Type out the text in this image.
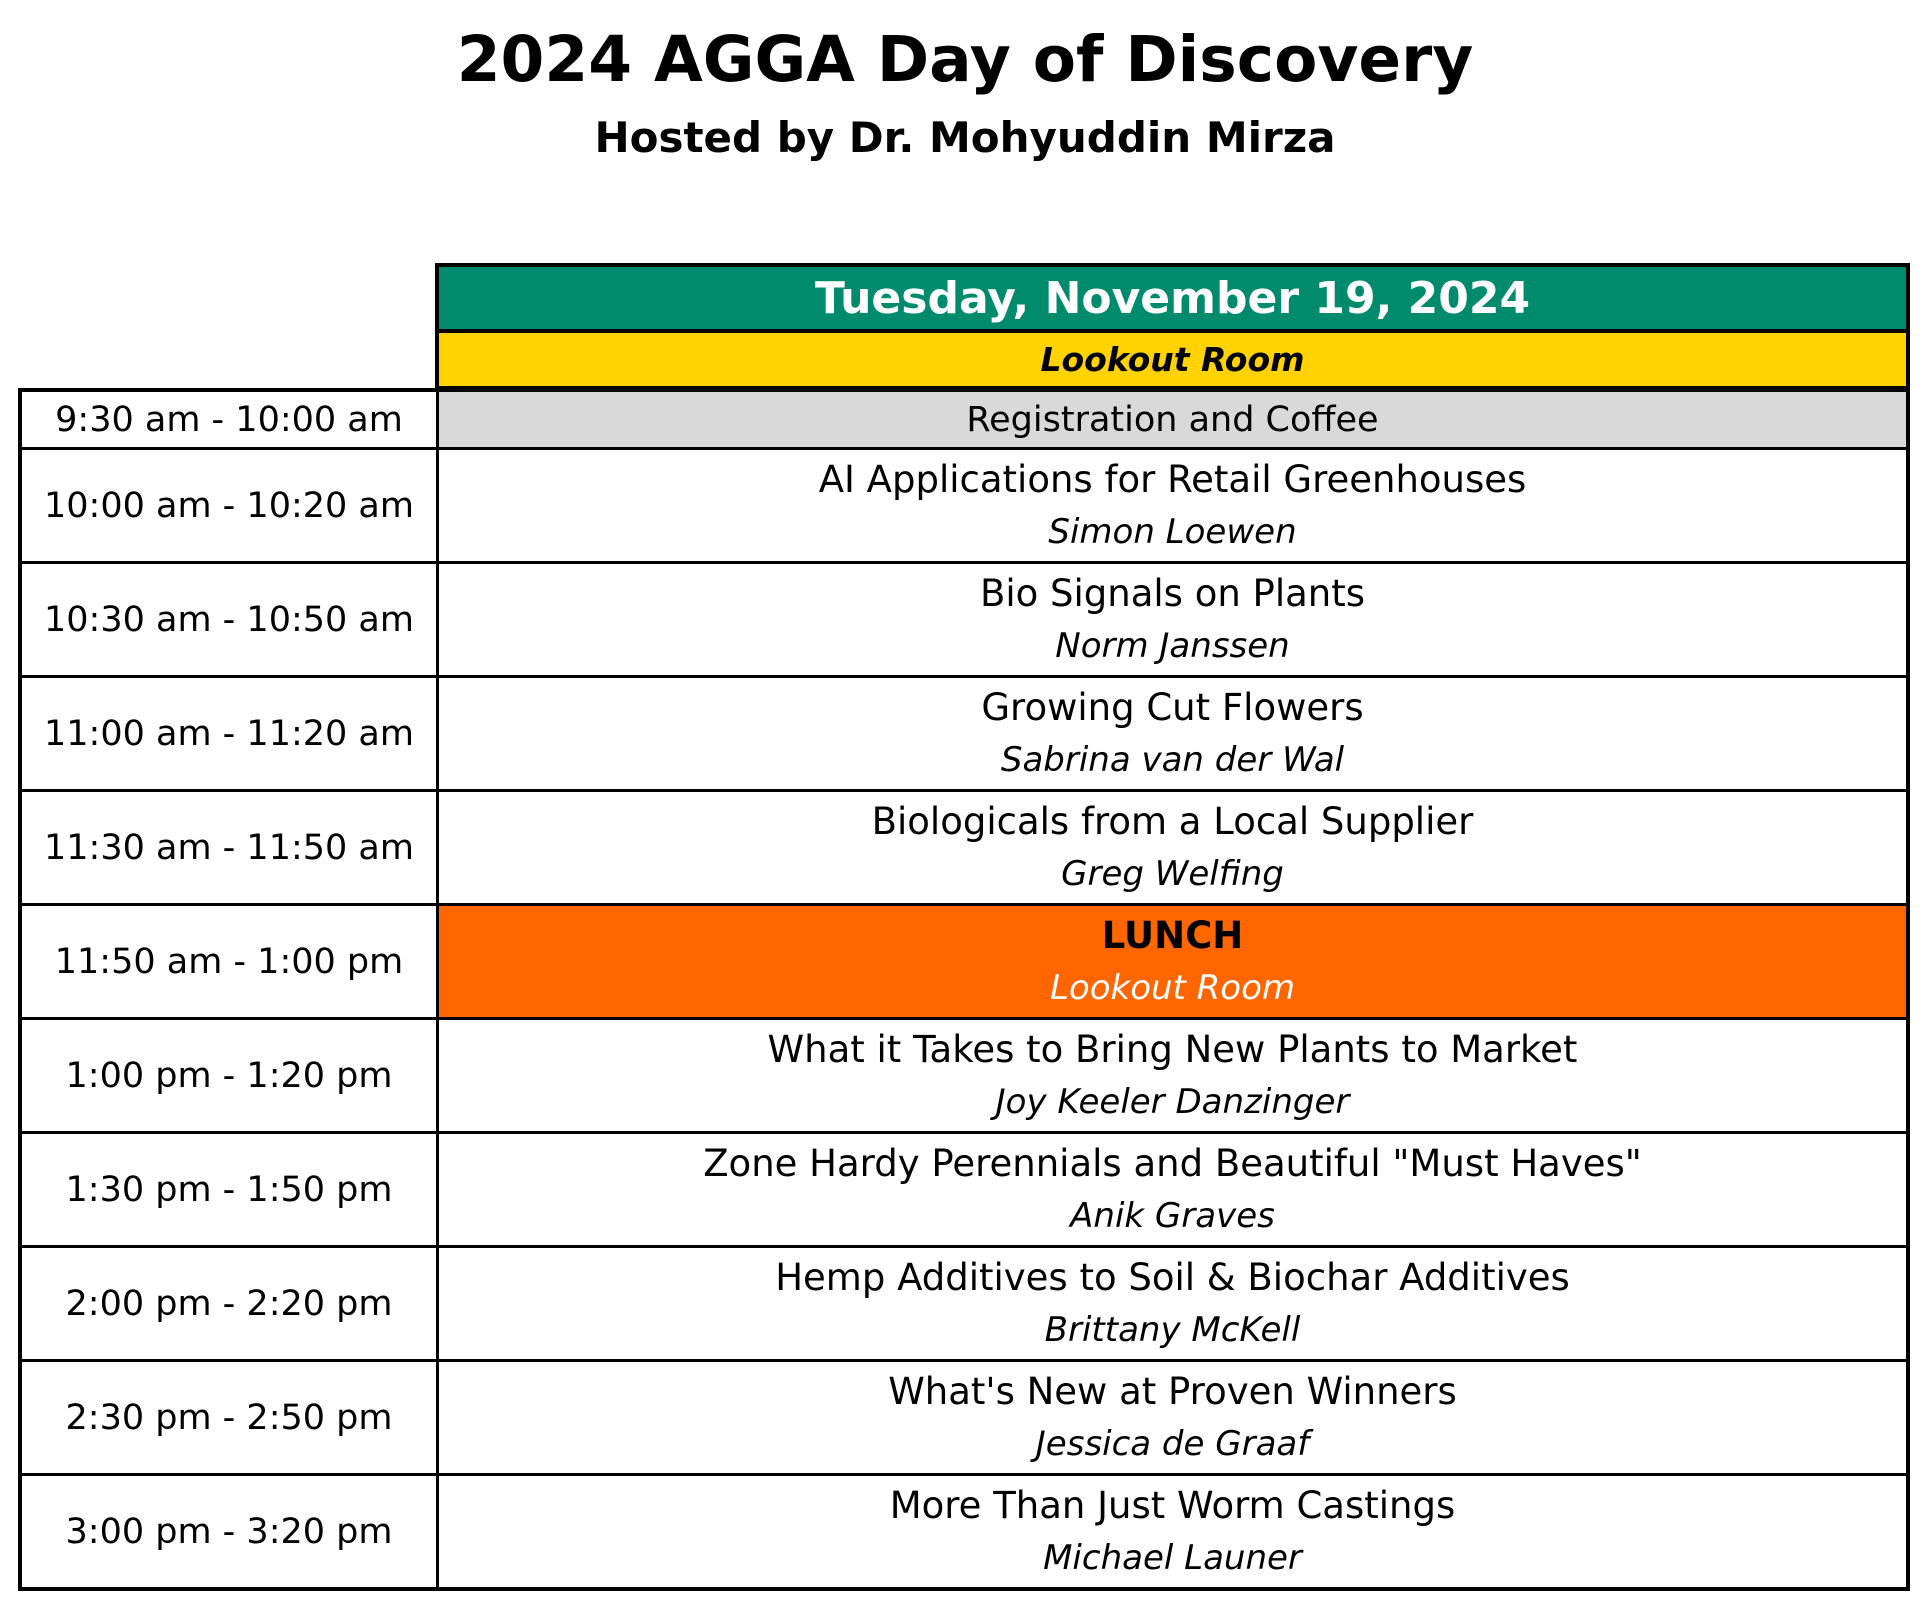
2024 AGGA Day of Discovery
Hosted by Dr. Mohyuddin Mirza
Tuesday, November 19, 2024
Lookout Room
9:30 am - 10:00 am	Registration and Coffee
10:00 am - 10:20 am
AI Applications for Retail Greenhouses
Simon Loewen
10:30 am - 10:50 am
Bio Signals on Plants
Norm Janssen
11:00 am - 11:20 am
Growing Cut Flowers
Sabrina van der Wal
11:30 am - 11:50 am
Biologicals from a Local Supplier
Greg Welfing
11:50 am - 1:00 pm
LUNCH
Lookout Room
1:00 pm - 1:20 pm
What it Takes to Bring New Plants to Market
Joy Keeler Danzinger
1:30 pm - 1:50 pm
Zone Hardy Perennials and Beautiful "Must Haves"
Anik Graves
2:00 pm - 2:20 pm
Hemp Additives to Soil & Biochar Additives
Brittany McKell
2:30 pm - 2:50 pm
What's New at Proven Winners
Jessica de Graaf
3:00 pm - 3:20 pm
More Than Just Worm Castings
Michael Launer
